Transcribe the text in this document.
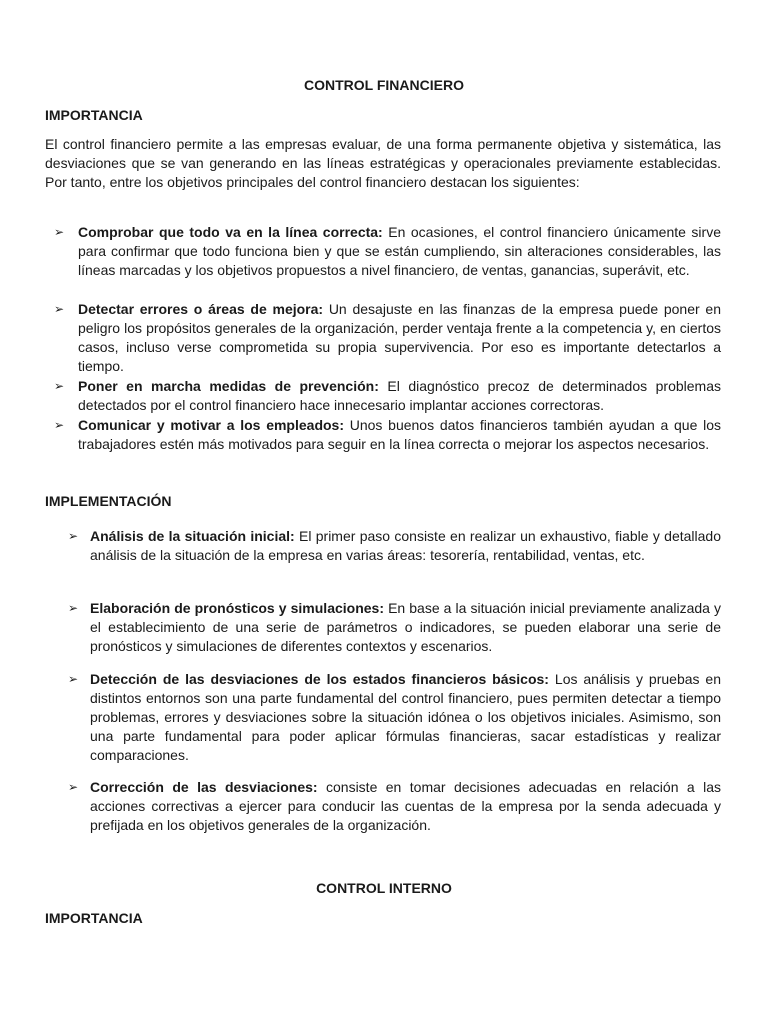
CONTROL FINANCIERO
IMPORTANCIA

El control financiero permite a las empresas evaluar, de una forma permanente objetiva y sistemática, las desviaciones que se van generando en las líneas estratégicas y operacionales previamente establecidas. Por tanto, entre los objetivos principales del control financiero destacan los siguientes:

➢ Comprobar que todo va en la línea correcta: En ocasiones, el control financiero únicamente sirve para confirmar que todo funciona bien y que se están cumpliendo, sin alteraciones considerables, las líneas marcadas y los objetivos propuestos a nivel financiero, de ventas, ganancias, superávit, etc.
➢ Detectar errores o áreas de mejora: Un desajuste en las finanzas de la empresa puede poner en peligro los propósitos generales de la organización, perder ventaja frente a la competencia y, en ciertos casos, incluso verse comprometida su propia supervivencia. Por eso es importante detectarlos a tiempo.
➢ Poner en marcha medidas de prevención: El diagnóstico precoz de determinados problemas detectados por el control financiero hace innecesario implantar acciones correctoras.
➢ Comunicar y motivar a los empleados: Unos buenos datos financieros también ayudan a que los trabajadores estén más motivados para seguir en la línea correcta o mejorar los aspectos necesarios.
IMPLEMENTACIÓN
➢ Análisis de la situación inicial: El primer paso consiste en realizar un exhaustivo, fiable y detallado análisis de la situación de la empresa en varias áreas: tesorería, rentabilidad, ventas, etc.
➢ Elaboración de pronósticos y simulaciones: En base a la situación inicial previamente analizada y el establecimiento de una serie de parámetros o indicadores, se pueden elaborar una serie de pronósticos y simulaciones de diferentes contextos y escenarios.
➢ Detección de las desviaciones de los estados financieros básicos: Los análisis y pruebas en distintos entornos son una parte fundamental del control financiero, pues permiten detectar a tiempo problemas, errores y desviaciones sobre la situación idónea o los objetivos iniciales. Asimismo, son una parte fundamental para poder aplicar fórmulas financieras, sacar estadísticas y realizar comparaciones.
➢ Corrección de las desviaciones: consiste en tomar decisiones adecuadas en relación a las acciones correctivas a ejercer para conducir las cuentas de la empresa por la senda adecuada y prefijada en los objetivos generales de la organización.
CONTROL INTERNO
IMPORTANCIA
